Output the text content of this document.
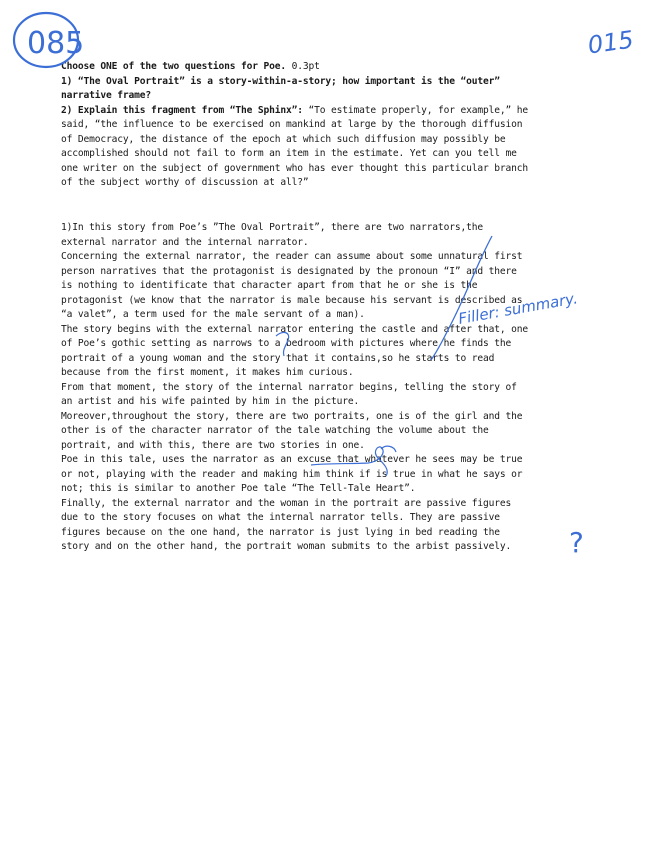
Choose ONE of the two questions for Poe. 0.3pt
1) “The Oval Portrait” is a story-within-a-story; how important is the “outer”
narrative frame?
2) Explain this fragment from “The Sphinx”: “To estimate properly, for example,” he
said, “the influence to be exercised on mankind at large by the thorough diffusion
of Democracy, the distance of the epoch at which such diffusion may possibly be
accomplished should not fail to form an item in the estimate. Yet can you tell me
one writer on the subject of government who has ever thought this particular branch
of the subject worthy of discussion at all?”
1)In this story from Poe’s ”The Oval Portrait”, there are two narrators,the
external narrator and the internal narrator.
Concerning the external narrator, the reader can assume about some unnatural first
person narratives that the protagonist is designated by the pronoun “I” and there
is nothing to identificate that character apart from that he or she is the
protagonist (we know that the narrator is male because his servant is described as
“a valet”, a term used for the male servant of a man).
The story begins with the external narrator entering the castle and after that, one
of Poe’s gothic setting as narrows to a bedroom with pictures where he finds the
portrait of a young woman and the story that it contains,so he starts to read
because from the first moment, it makes him curious.
From that moment, the story of the internal narrator begins, telling the story of
an artist and his wife painted by him in the picture.
Moreover,throughout the story, there are two portraits, one is of the girl and the
other is of the character narrator of the tale watching the volume about the
portrait, and with this, there are two stories in one.
Poe in this tale, uses the narrator as an excuse that whatever he sees may be true
or not, playing with the reader and making him think if is true in what he says or
not; this is similar to another Poe tale “The Tell-Tale Heart”.
Finally, the external narrator and the woman in the portrait are passive figures
due to the story focuses on what the internal narrator tells. They are passive
figures because on the one hand, the narrator is just lying in bed reading the
story and on the other hand, the portrait woman submits to the arbist passively.
085	015
Filler: summary.
?
